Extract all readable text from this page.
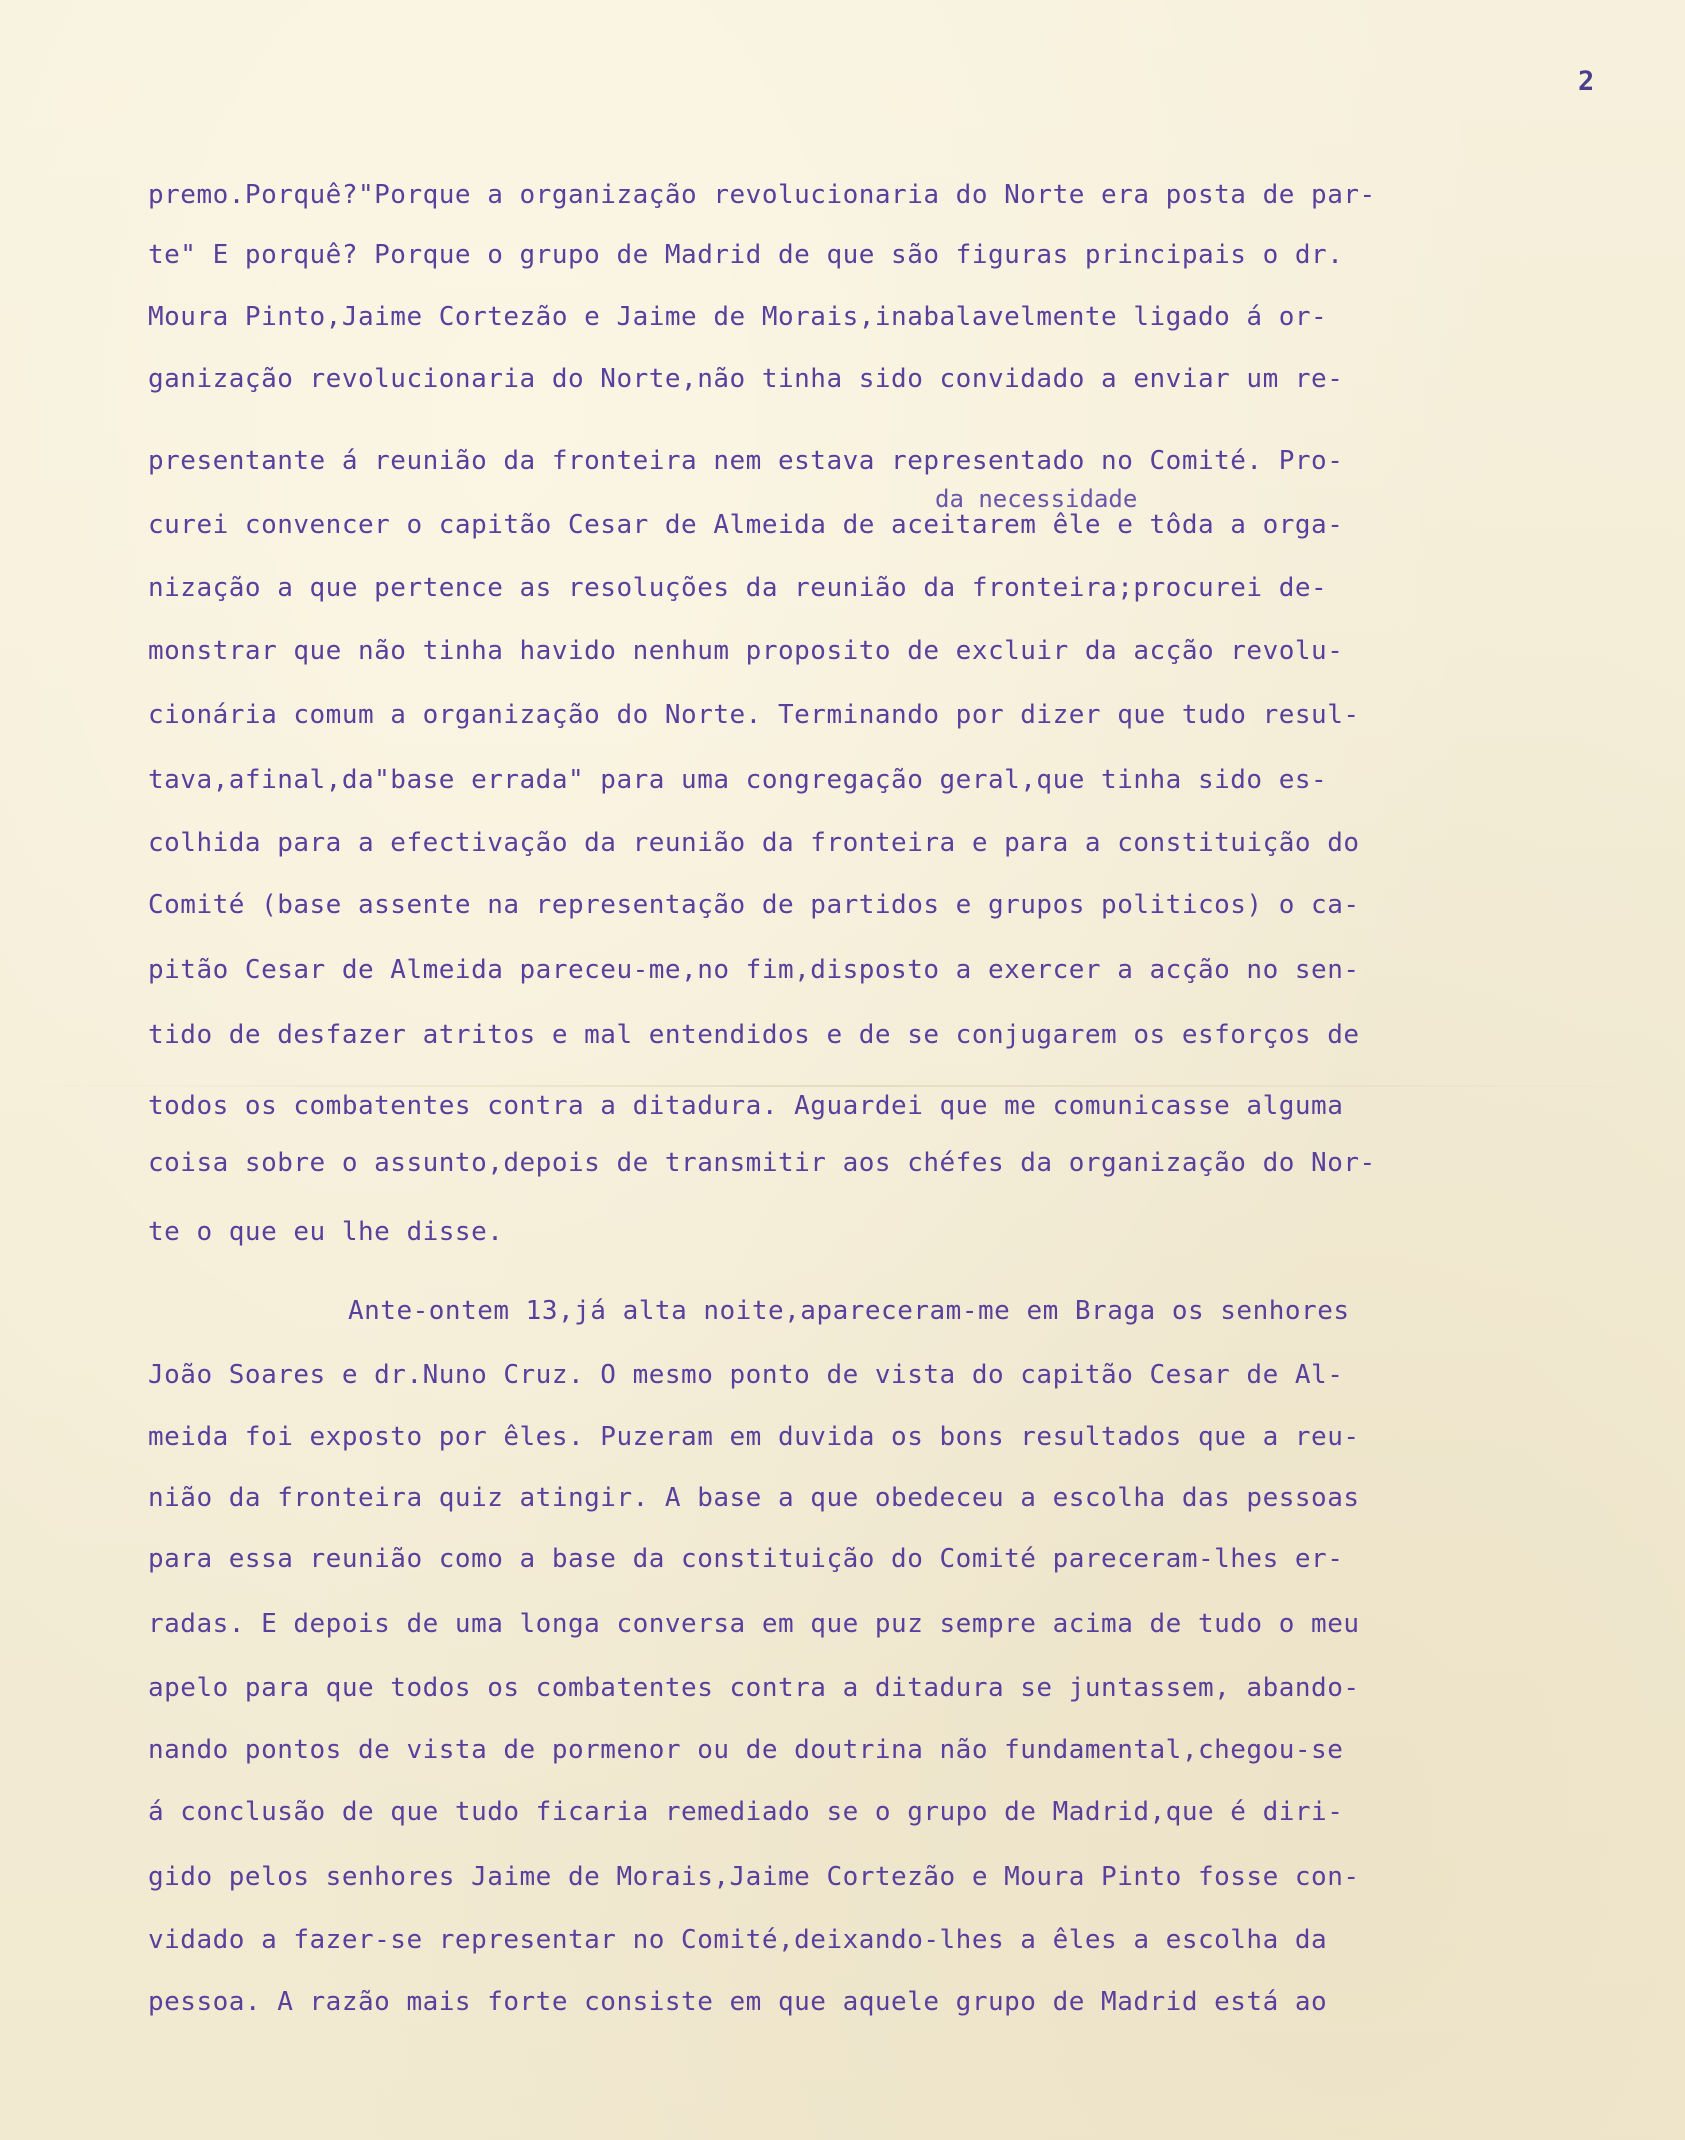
2
da necessidade
premo.Porquê?"Porque a organização revolucionaria do Norte era posta de par-
te" E porquê? Porque o grupo de Madrid de que são figuras principais o dr.
Moura Pinto,Jaime Cortezão e Jaime de Morais,inabalavelmente ligado á or-
ganização revolucionaria do Norte,não tinha sido convidado a enviar um re-
presentante á reunião da fronteira nem estava representado no Comité. Pro-
curei convencer o capitão Cesar de Almeida de aceitarem êle e tôda a orga-
nização a que pertence as resoluções da reunião da fronteira;procurei de-
monstrar que não tinha havido nenhum proposito de excluir da acção revolu-
cionária comum a organização do Norte. Terminando por dizer que tudo resul-
tava,afinal,da"base errada" para uma congregação geral,que tinha sido es-
colhida para a efectivação da reunião da fronteira e para a constituição do
Comité (base assente na representação de partidos e grupos politicos) o ca-
pitão Cesar de Almeida pareceu-me,no fim,disposto a exercer a acção no sen-
tido de desfazer atritos e mal entendidos e de se conjugarem os esforços de
todos os combatentes contra a ditadura. Aguardei que me comunicasse alguma
coisa sobre o assunto,depois de transmitir aos chéfes da organização do Nor-
te o que eu lhe disse.
Ante-ontem 13,já alta noite,apareceram-me em Braga os senhores
João Soares e dr.Nuno Cruz. O mesmo ponto de vista do capitão Cesar de Al-
meida foi exposto por êles. Puzeram em duvida os bons resultados que a reu-
nião da fronteira quiz atingir. A base a que obedeceu a escolha das pessoas
para essa reunião como a base da constituição do Comité pareceram-lhes er-
radas. E depois de uma longa conversa em que puz sempre acima de tudo o meu
apelo para que todos os combatentes contra a ditadura se juntassem, abando-
nando pontos de vista de pormenor ou de doutrina não fundamental,chegou-se
á conclusão de que tudo ficaria remediado se o grupo de Madrid,que é diri-
gido pelos senhores Jaime de Morais,Jaime Cortezão e Moura Pinto fosse con-
vidado a fazer-se representar no Comité,deixando-lhes a êles a escolha da
pessoa. A razão mais forte consiste em que aquele grupo de Madrid está ao
